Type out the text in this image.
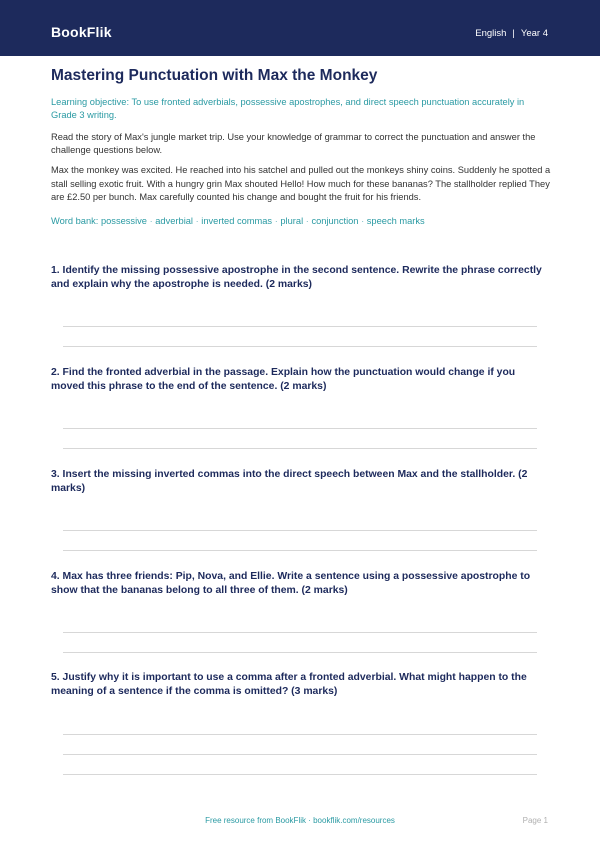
BookFlik	English | Year 4
Mastering Punctuation with Max the Monkey

Learning objective: To use fronted adverbials, possessive apostrophes, and direct speech punctuation accurately in Grade 3 writing.

Read the story of Max's jungle market trip. Use your knowledge of grammar to correct the punctuation and answer the challenge questions below.

Max the monkey was excited. He reached into his satchel and pulled out the monkeys shiny coins. Suddenly he spotted a stall selling exotic fruit. With a hungry grin Max shouted Hello! How much for these bananas? The stallholder replied They are £2.50 per bunch. Max carefully counted his change and bought the fruit for his friends.

Word bank: possessive · adverbial · inverted commas · plural · conjunction · speech marks

1. Identify the missing possessive apostrophe in the second sentence. Rewrite the phrase correctly and explain why the apostrophe is needed. (2 marks)
2. Find the fronted adverbial in the passage. Explain how the punctuation would change if you moved this phrase to the end of the sentence. (2 marks)
3. Insert the missing inverted commas into the direct speech between Max and the stallholder. (2 marks)
4. Max has three friends: Pip, Nova, and Ellie. Write a sentence using a possessive apostrophe to show that the bananas belong to all three of them. (2 marks)
5. Justify why it is important to use a comma after a fronted adverbial. What might happen to the meaning of a sentence if the comma is omitted? (3 marks)
Free resource from BookFlik · bookflik.com/resources	Page 1
